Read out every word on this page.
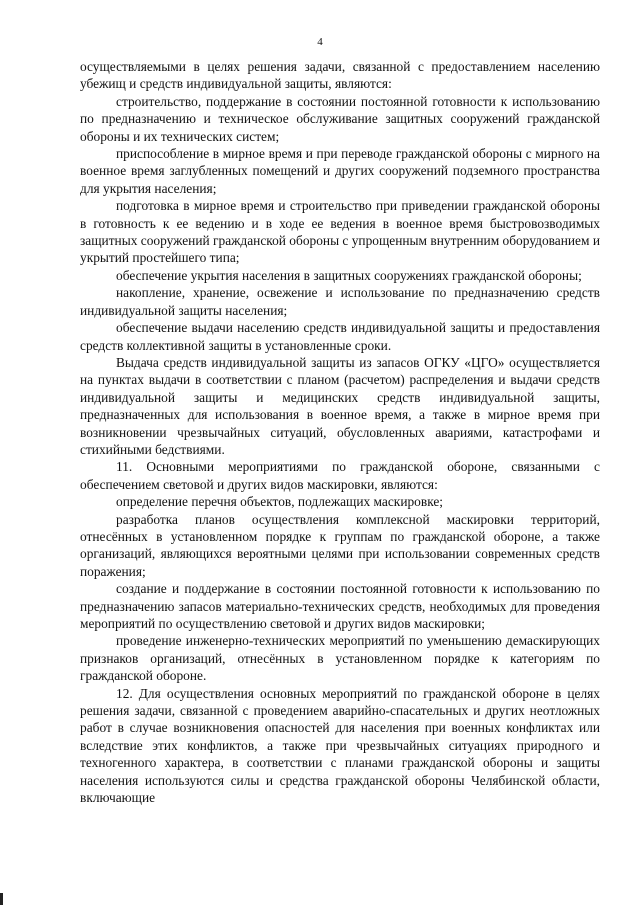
4

осуществляемыми в целях решения задачи, связанной с предоставлением населению убежищ и средств индивидуальной защиты, являются:

строительство, поддержание в состоянии постоянной готовности к использованию по предназначению и техническое обслуживание защитных сооружений гражданской обороны и их технических систем;

приспособление в мирное время и при переводе гражданской обороны с мирного на военное время заглубленных помещений и других сооружений подземного пространства для укрытия населения;

подготовка в мирное время и строительство при приведении гражданской обороны в готовность к ее ведению и в ходе ее ведения в военное время быстровозводимых защитных сооружений гражданской обороны с упрощенным внутренним оборудованием и укрытий простейшего типа;

обеспечение укрытия населения в защитных сооружениях гражданской обороны;

накопление, хранение, освежение и использование по предназначению средств индивидуальной защиты населения;

обеспечение выдачи населению средств индивидуальной защиты и предоставления средств коллективной защиты в установленные сроки.

Выдача средств индивидуальной защиты из запасов ОГКУ «ЦГО» осуществляется на пунктах выдачи в соответствии с планом (расчетом) распределения и выдачи средств индивидуальной защиты и медицинских средств индивидуальной защиты, предназначенных для использования в военное время, а также в мирное время при возникновении чрезвычайных ситуаций, обусловленных авариями, катастрофами и стихийными бедствиями.

11. Основными мероприятиями по гражданской обороне, связанными с обеспечением световой и других видов маскировки, являются:

определение перечня объектов, подлежащих маскировке;

разработка планов осуществления комплексной маскировки территорий, отнесённых в установленном порядке к группам по гражданской обороне, а также организаций, являющихся вероятными целями при использовании современных средств поражения;

создание и поддержание в состоянии постоянной готовности к использованию по предназначению запасов материально-технических средств, необходимых для проведения мероприятий по осуществлению световой и других видов маскировки;

проведение инженерно-технических мероприятий по уменьшению демаскирующих признаков организаций, отнесённых в установленном порядке к категориям по гражданской обороне.

12. Для осуществления основных мероприятий по гражданской обороне в целях решения задачи, связанной с проведением аварийно-спасательных и других неотложных работ в случае возникновения опасностей для населения при военных конфликтах или вследствие этих конфликтов, а также при чрезвычайных ситуациях природного и техногенного характера, в соответствии с планами гражданской обороны и защиты населения используются силы и средства гражданской обороны Челябинской области, включающие
